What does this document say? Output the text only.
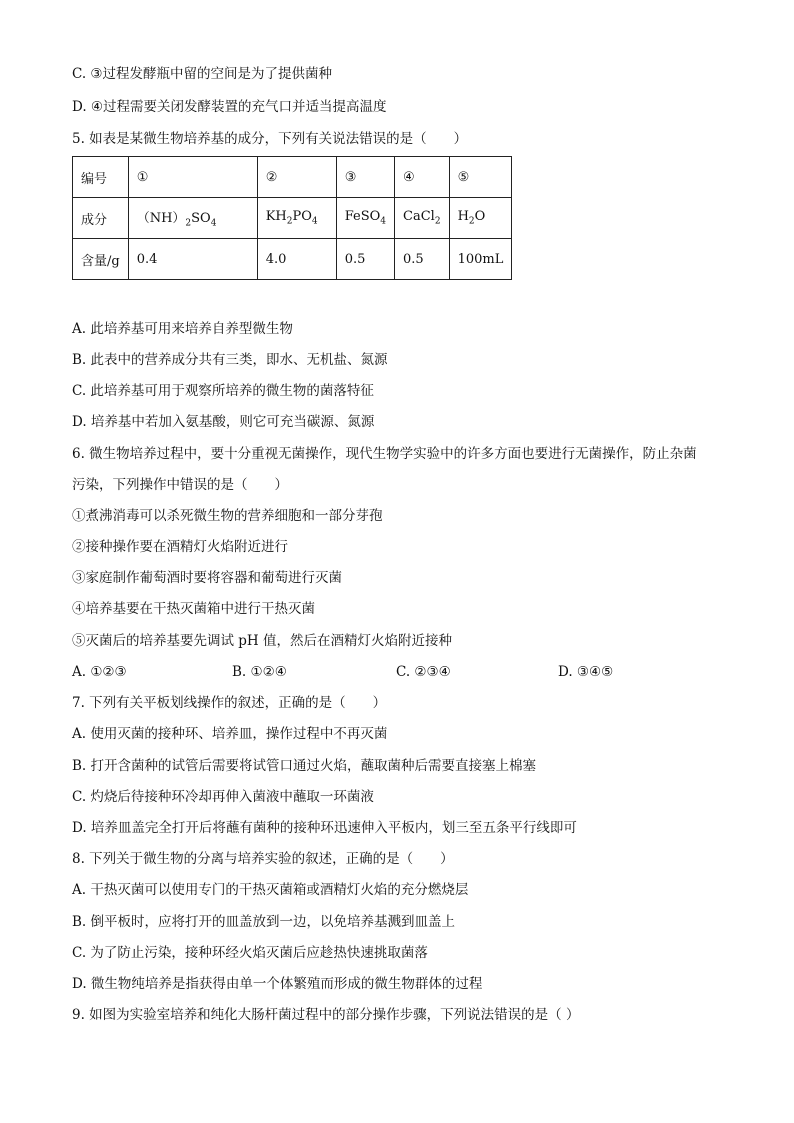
C. ③过程发酵瓶中留的空间是为了提供菌种
D. ④过程需要关闭发酵装置的充气口并适当提高温度
5. 如表是某微生物培养基的成分，下列有关说法错误的是（　　）
编号	①	②	③	④	⑤
成分	$(NH)_2SO_4$	$KH_2PO_4$	FeSO$_4$	CaCl$_2$	$H_2O$
含量/g	0.4	4.0	0.5	0.5	100mL
A. 此培养基可用来培养自养型微生物
B. 此表中的营养成分共有三类，即水、无机盐、氮源
C. 此培养基可用于观察所培养的微生物的菌落特征
D. 培养基中若加入氨基酸，则它可充当碳源、氮源
6. 微生物培养过程中，要十分重视无菌操作，现代生物学实验中的许多方面也要进行无菌操作，防止杂菌
污染，下列操作中错误的是（　　）
①煮沸消毒可以杀死微生物的营养细胞和一部分芽孢
②接种操作要在酒精灯火焰附近进行
③家庭制作葡萄酒时要将容器和葡萄进行灭菌
④培养基要在干热灭菌箱中进行干热灭菌
⑤灭菌后的培养基要先调试 pH 值，然后在酒精灯火焰附近接种
A. ①②③	B. ①②④	C. ②③④	D. ③④⑤
7. 下列有关平板划线操作的叙述，正确的是（　　）
A. 使用灭菌的接种环、培养皿，操作过程中不再灭菌
B. 打开含菌种的试管后需要将试管口通过火焰，蘸取菌种后需要直接塞上棉塞
C. 灼烧后待接种环冷却再伸入菌液中蘸取一环菌液
D. 培养皿盖完全打开后将蘸有菌种的接种环迅速伸入平板内，划三至五条平行线即可
8. 下列关于微生物的分离与培养实验的叙述，正确的是（　　）
A. 干热灭菌可以使用专门的干热灭菌箱或酒精灯火焰的充分燃烧层
B. 倒平板时，应将打开的皿盖放到一边，以免培养基溅到皿盖上
C. 为了防止污染，接种环经火焰灭菌后应趁热快速挑取菌落
D. 微生物纯培养是指获得由单一个体繁殖而形成的微生物群体的过程
9. 如图为实验室培养和纯化大肠杆菌过程中的部分操作步骤，下列说法错误的是（ ）
